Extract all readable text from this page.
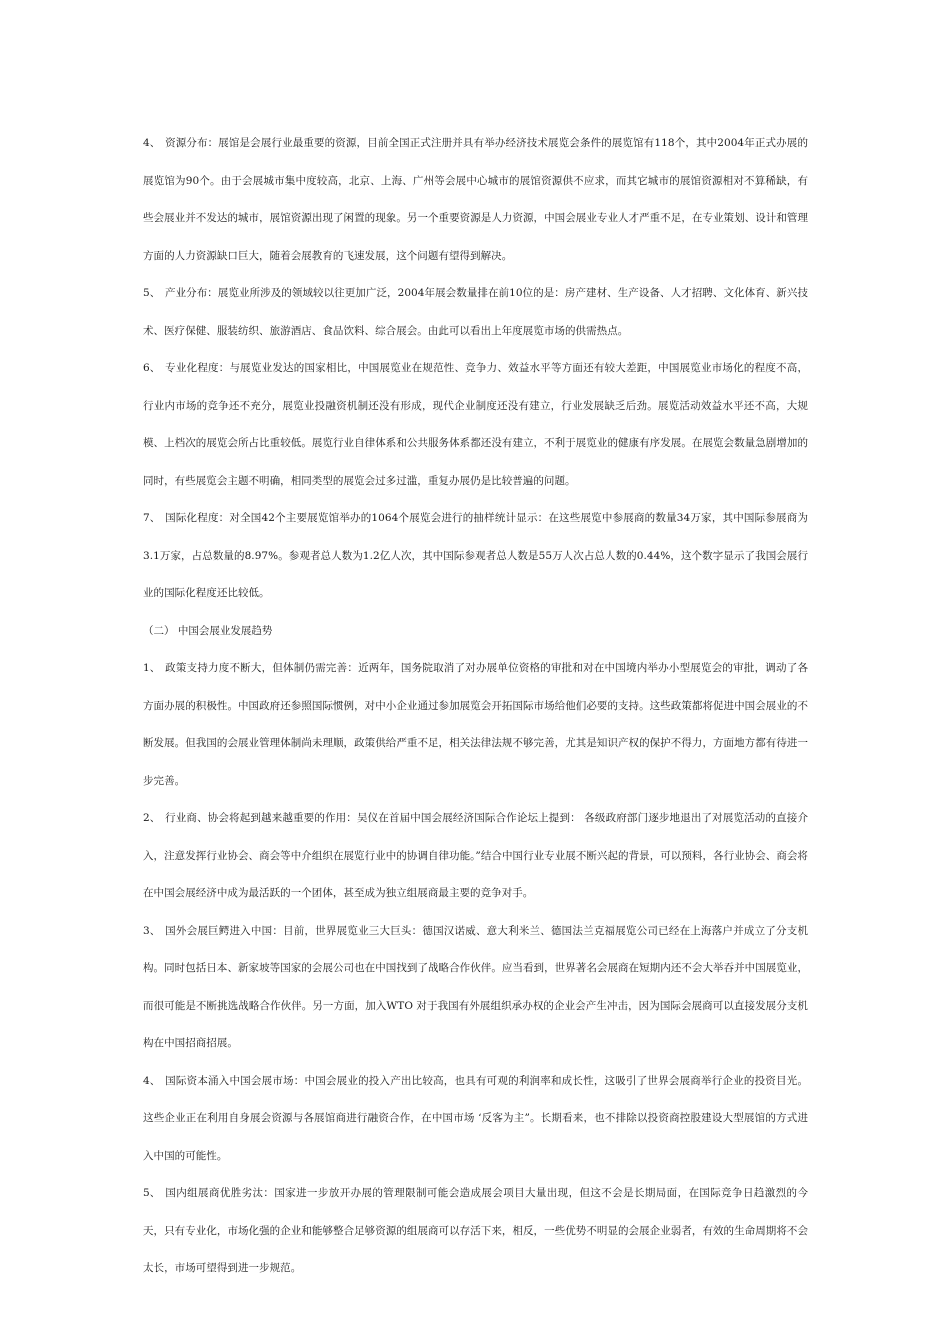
4、 资源分布：展馆是会展行业最重要的资源，目前全国正式注册并具有举办经济技术展览会条件的展览馆有118个，其中2004年正式办展的展览馆为90个。由于会展城市集中度较高，北京、上海、广州等会展中心城市的展馆资源供不应求，而其它城市的展馆资源相对不算稀缺，有些会展业并不发达的城市，展馆资源出现了闲置的现象。另一个重要资源是人力资源，中国会展业专业人才严重不足，在专业策划、设计和管理方面的人力资源缺口巨大，随着会展教育的飞速发展，这个问题有望得到解决。

5、 产业分布：展览业所涉及的领域较以往更加广泛，2004年展会数量排在前10位的是：房产建材、生产设备、人才招聘、文化体育、新兴技术、医疗保健、服装纺织、旅游酒店、食品饮料、综合展会。由此可以看出上年度展览市场的供需热点。

6、 专业化程度：与展览业发达的国家相比，中国展览业在规范性、竞争力、效益水平等方面还有较大差距，中国展览业市场化的程度不高，行业内市场的竞争还不充分，展览业投融资机制还没有形成，现代企业制度还没有建立，行业发展缺乏后劲。展览活动效益水平还不高，大规模、上档次的展览会所占比重较低。展览行业自律体系和公共服务体系都还没有建立，不利于展览业的健康有序发展。在展览会数量急剧增加的同时，有些展览会主题不明确，相同类型的展览会过多过滥，重复办展仍是比较普遍的问题。

7、 国际化程度：对全国42个主要展览馆举办的1064个展览会进行的抽样统计显示：在这些展览中参展商的数量34万家，其中国际参展商为3.1万家，占总数量的8.97%。参观者总人数为1.2亿人次，其中国际参观者总人数是55万人次占总人数的0.44%，这个数字显示了我国会展行业的国际化程度还比较低。

（二） 中国会展业发展趋势

1、 政策支持力度不断大，但体制仍需完善：近两年，国务院取消了对办展单位资格的审批和对在中国境内举办小型展览会的审批，调动了各方面办展的积极性。中国政府还参照国际惯例，对中小企业通过参加展览会开拓国际市场给他们必要的支持。这些政策都将促进中国会展业的不断发展。但我国的会展业管理体制尚未理顺，政策供给严重不足，相关法律法规不够完善，尤其是知识产权的保护不得力，方面地方都有待进一步完善。

2、 行业商、协会将起到越来越重要的作用：吴仪在首届中国会展经济国际合作论坛上提到： 各级政府部门逐步地退出了对展览活动的直接介入，注意发挥行业协会、商会等中介组织在展览行业中的协调自律功能。”结合中国行业专业展不断兴起的背景，可以预料，各行业协会、商会将在中国会展经济中成为最活跃的一个团体，甚至成为独立组展商最主要的竞争对手。

3、 国外会展巨鳄进入中国：目前，世界展览业三大巨头：德国汉诺威、意大利米兰、德国法兰克福展览公司已经在上海落户并成立了分支机构。同时包括日本、新家坡等国家的会展公司也在中国找到了战略合作伙伴。应当看到，世界著名会展商在短期内还不会大举吞并中国展览业，而很可能是不断挑选战略合作伙伴。另一方面，加入WTO 对于我国有外展组织承办权的企业会产生冲击，因为国际会展商可以直接发展分支机构在中国招商招展。

4、 国际资本涌入中国会展市场：中国会展业的投入产出比较高，也具有可观的利润率和成长性，这吸引了世界会展商举行企业的投资目光。这些企业正在利用自身展会资源与各展馆商进行融资合作，在中国市场 ‘反客为主”。长期看来，也不排除以投资商控股建设大型展馆的方式进入中国的可能性。

5、 国内组展商优胜劣汰：国家进一步放开办展的管理限制可能会造成展会项目大量出现，但这不会是长期局面，在国际竞争日趋激烈的今天，只有专业化，市场化强的企业和能够整合足够资源的组展商可以存活下来，相反，一些优势不明显的会展企业弱者，有效的生命周期将不会太长，市场可望得到进一步规范。
